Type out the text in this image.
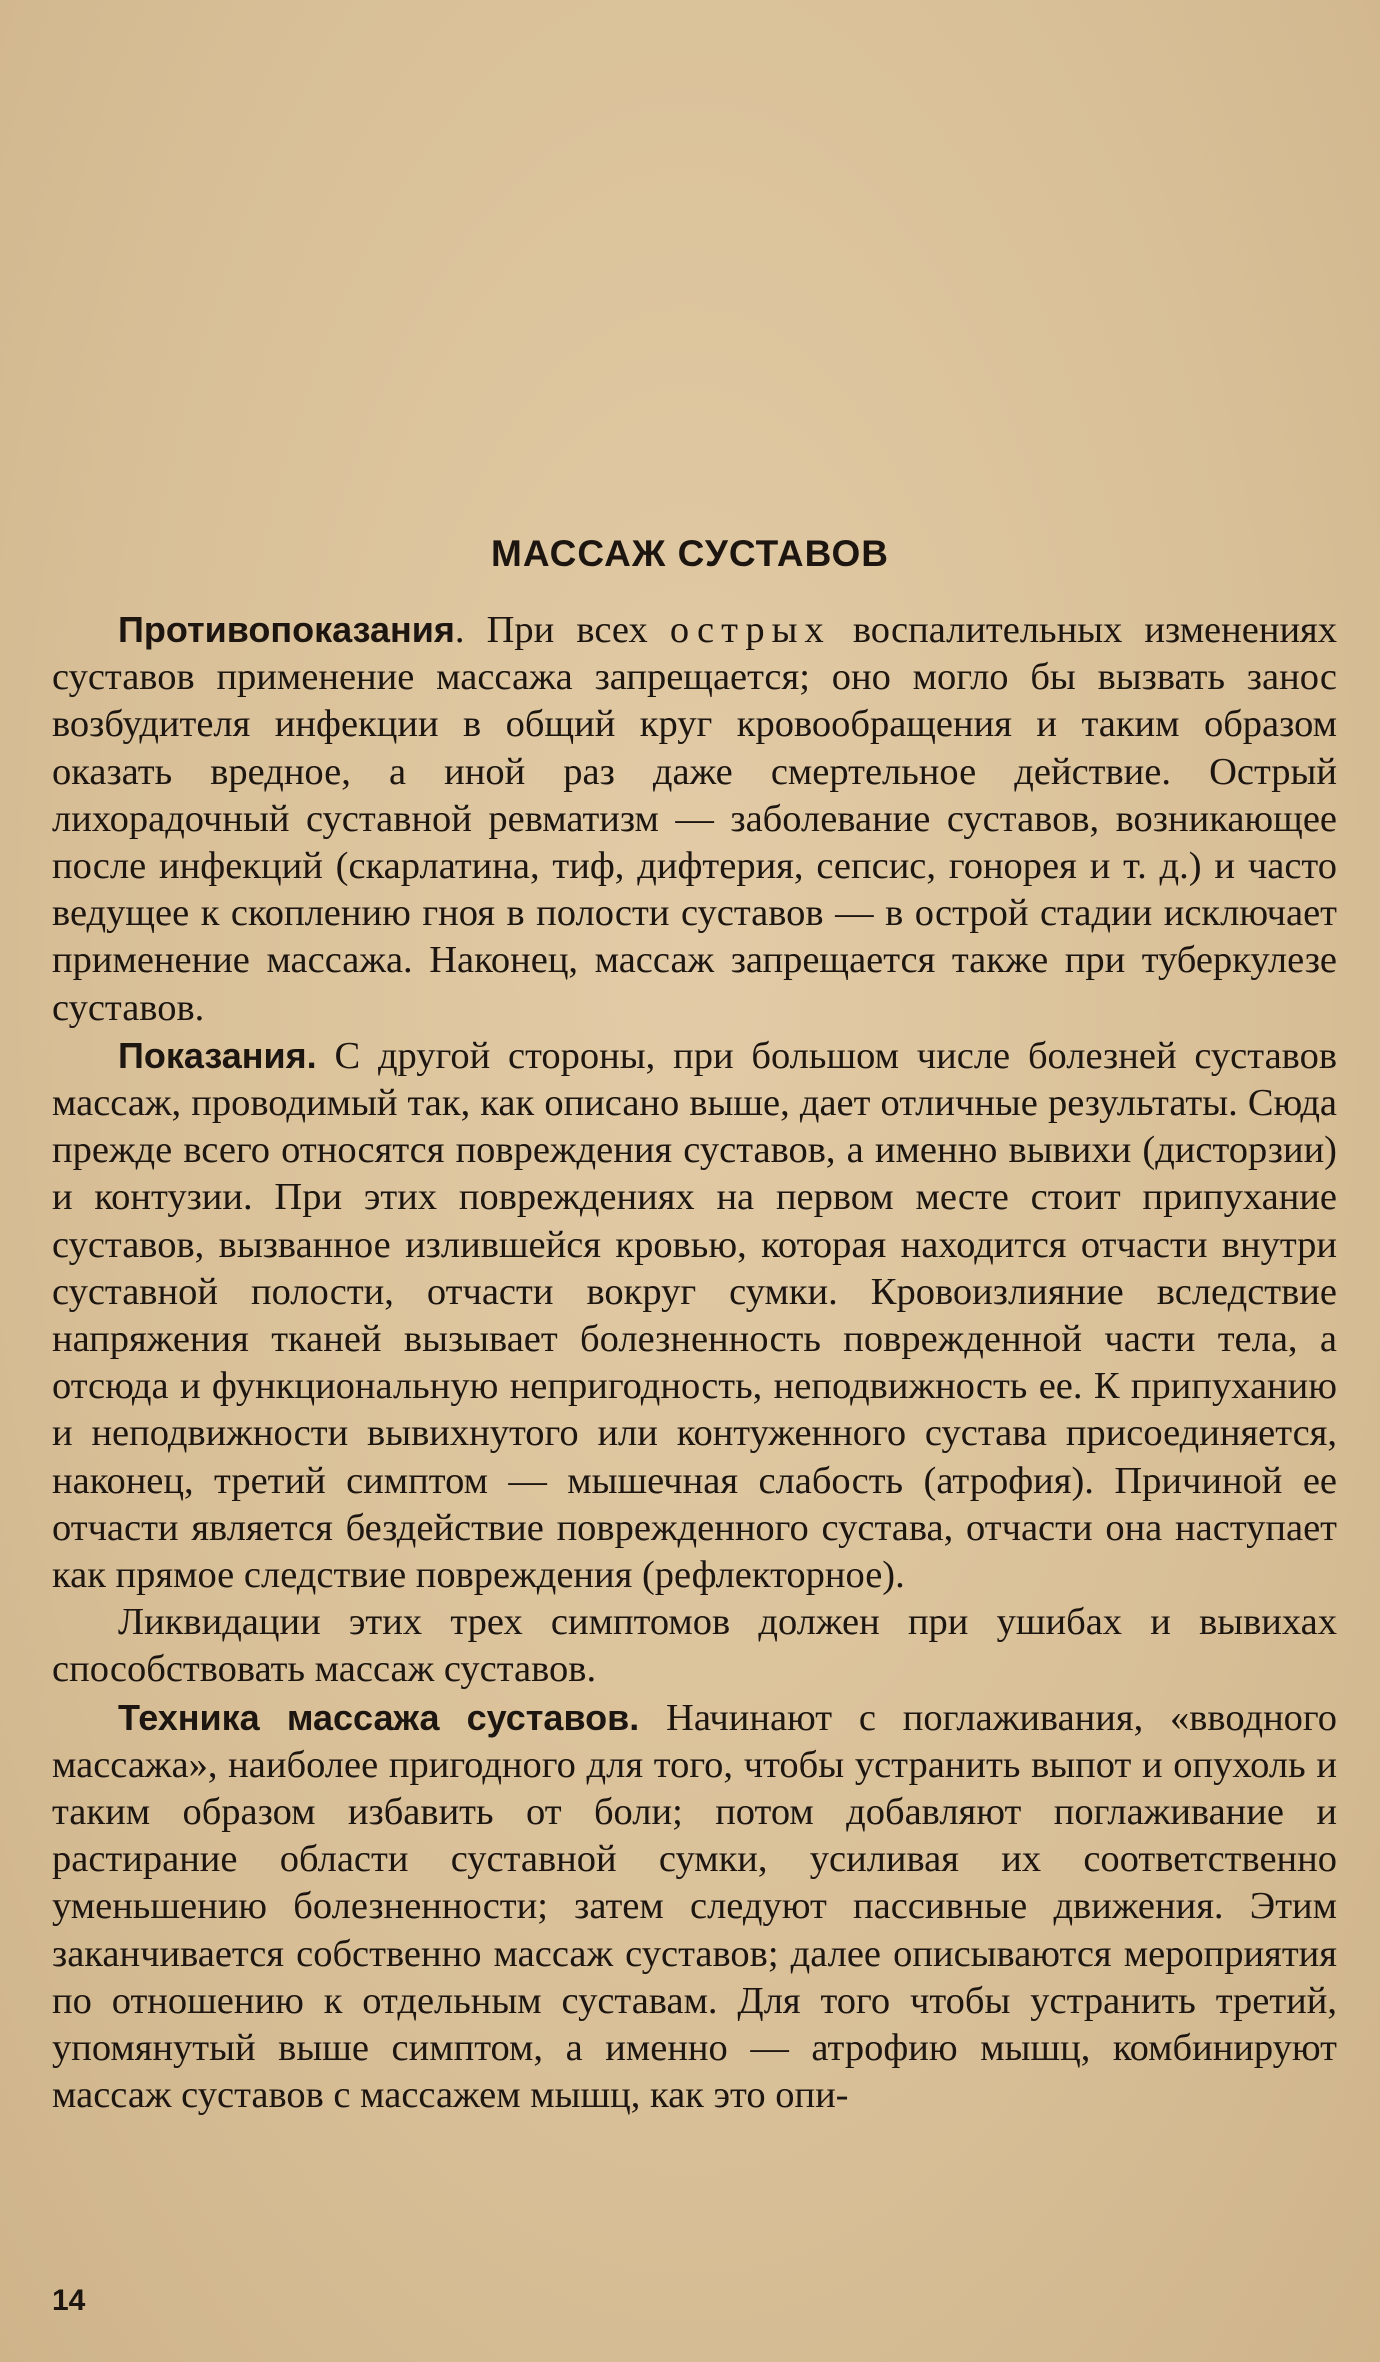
МАССАЖ СУСТАВОВ

Противопоказания. При всех острых воспалительных изменениях суставов применение массажа запрещается; оно могло бы вызвать занос возбудителя инфекции в общий круг кровообращения и таким образом оказать вредное, а иной раз даже смертельное действие. Острый лихорадочный суставной ревматизм — заболевание суставов, возникающее после инфекций (скарлатина, тиф, дифтерия, сепсис, гонорея и т. д.) и часто ведущее к скоплению гноя в полости суставов — в острой стадии исключает применение массажа. Наконец, массаж запрещается также при туберкулезе суставов.

Показания. С другой стороны, при большом числе болезней суставов массаж, проводимый так, как описано выше, дает отличные результаты. Сюда прежде всего относятся повреждения суставов, а именно вывихи (дисторзии) и контузии. При этих повреждениях на первом месте стоит припухание суставов, вызванное излившейся кровью, которая находится отчасти внутри суставной полости, отчасти вокруг сумки. Кровоизлияние вследствие напряжения тканей вызывает болезненность поврежденной части тела, а отсюда и функциональную непригодность, неподвижность ее. К припуханию и неподвижности вывихнутого или контуженного сустава присоединяется, наконец, третий симптом — мышечная слабость (атрофия). Причиной ее отчасти является бездействие поврежденного сустава, отчасти она наступает как прямое следствие повреждения (рефлекторное).

Ликвидации этих трех симптомов должен при ушибах и вывихах способствовать массаж суставов.

Техника массажа суставов. Начинают с поглаживания, «вводного массажа», наиболее пригодного для того, чтобы устранить выпот и опухоль и таким образом избавить от боли; потом добавляют поглаживание и растирание области суставной сумки, усиливая их соответственно уменьшению болезненности; затем следуют пассивные движения. Этим заканчивается собственно массаж суставов; далее описываются мероприятия по отношению к отдельным суставам. Для того чтобы устранить третий, упомянутый выше симптом, а именно — атрофию мышц, комбинируют массаж суставов с массажем мышц, как это опи-

14
